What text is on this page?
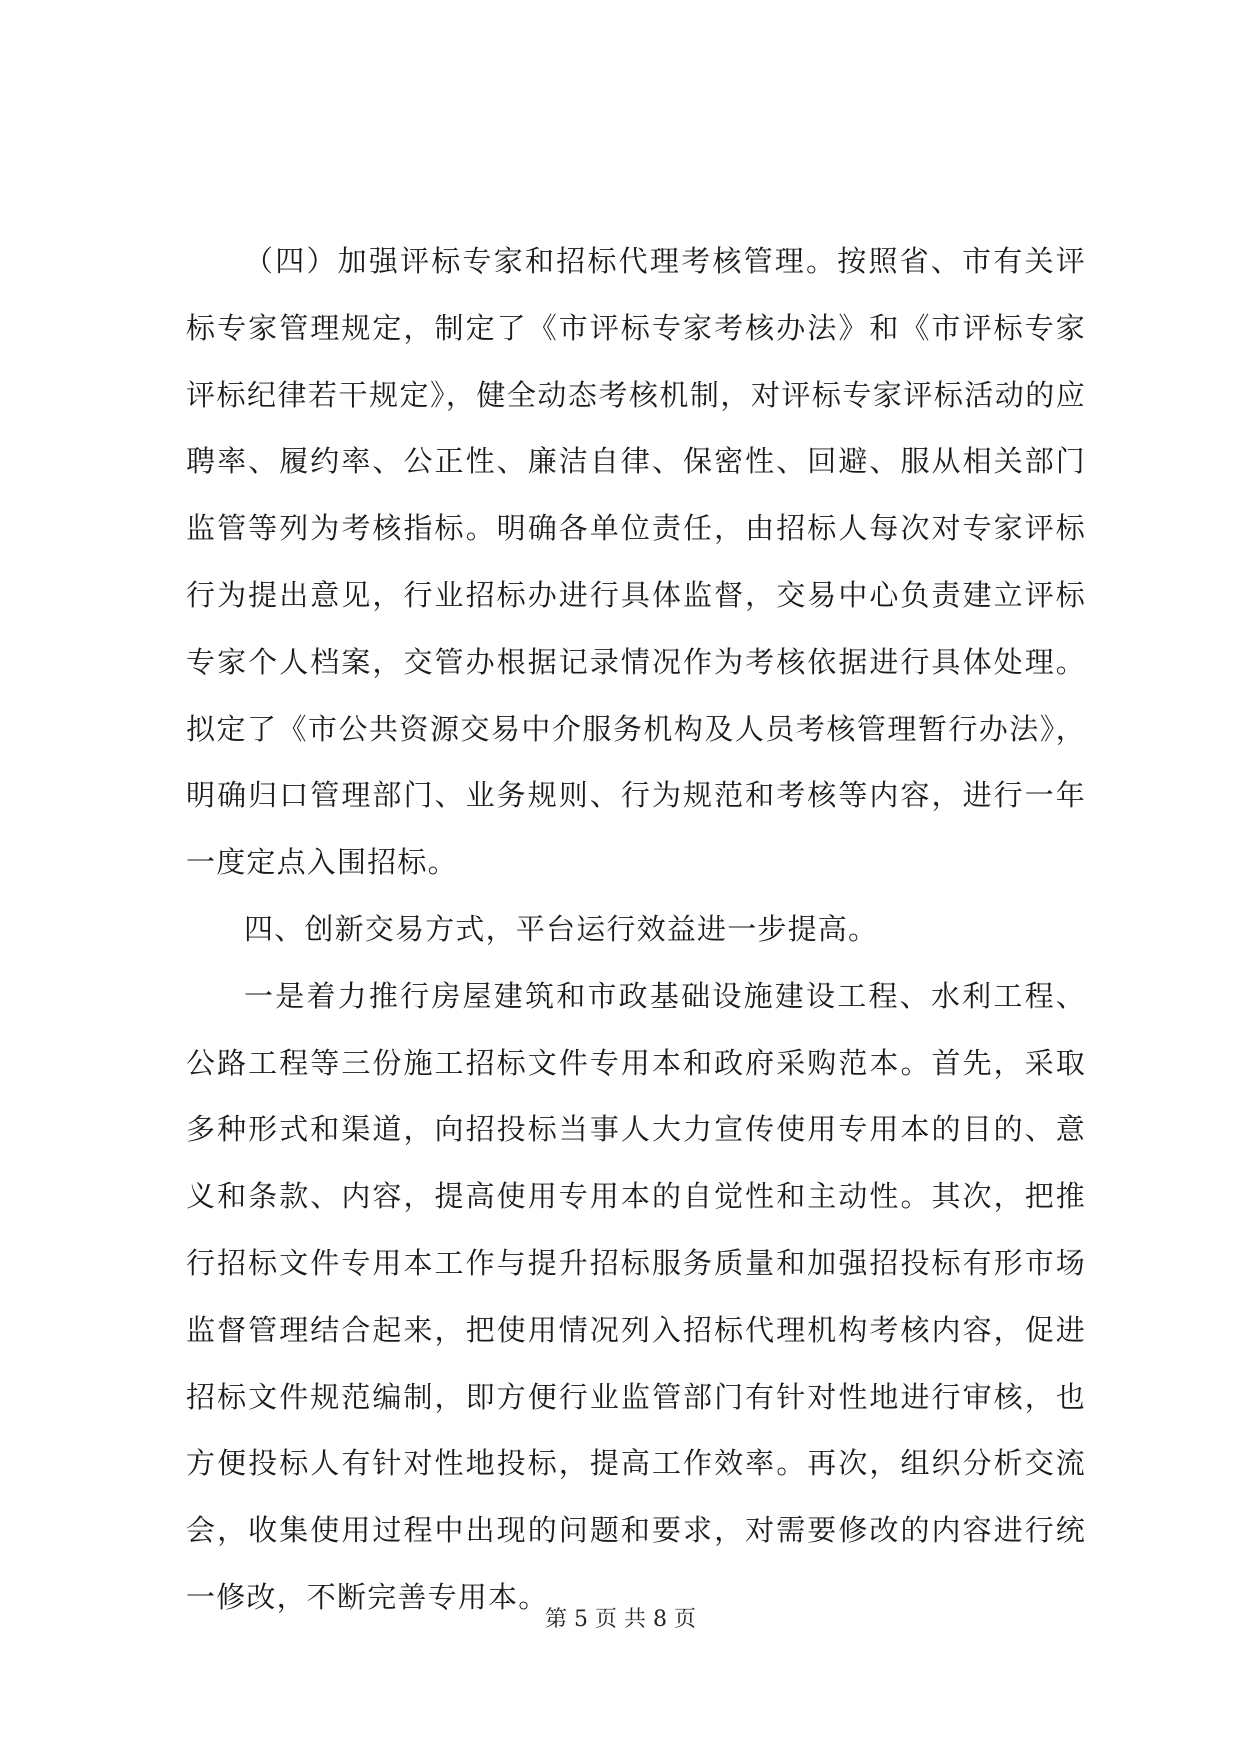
（四）加强评标专家和招标代理考核管理。按照省、市有关评标专家管理规定，制定了《市评标专家考核办法》和《市评标专家评标纪律若干规定》，健全动态考核机制，对评标专家评标活动的应聘率、履约率、公正性、廉洁自律、保密性、回避、服从相关部门监管等列为考核指标。明确各单位责任，由招标人每次对专家评标行为提出意见，行业招标办进行具体监督，交易中心负责建立评标专家个人档案，交管办根据记录情况作为考核依据进行具体处理。拟定了《市公共资源交易中介服务机构及人员考核管理暂行办法》，明确归口管理部门、业务规则、行为规范和考核等内容，进行一年一度定点入围招标。

四、创新交易方式，平台运行效益进一步提高。

一是着力推行房屋建筑和市政基础设施建设工程、水利工程、公路工程等三份施工招标文件专用本和政府采购范本。首先，采取多种形式和渠道，向招投标当事人大力宣传使用专用本的目的、意义和条款、内容，提高使用专用本的自觉性和主动性。其次，把推行招标文件专用本工作与提升招标服务质量和加强招投标有形市场监督管理结合起来，把使用情况列入招标代理机构考核内容，促进招标文件规范编制，即方便行业监管部门有针对性地进行审核，也方便投标人有针对性地投标，提高工作效率。再次，组织分析交流会，收集使用过程中出现的问题和要求，对需要修改的内容进行统一修改，不断完善专用本。

第 5 页 共 8 页
